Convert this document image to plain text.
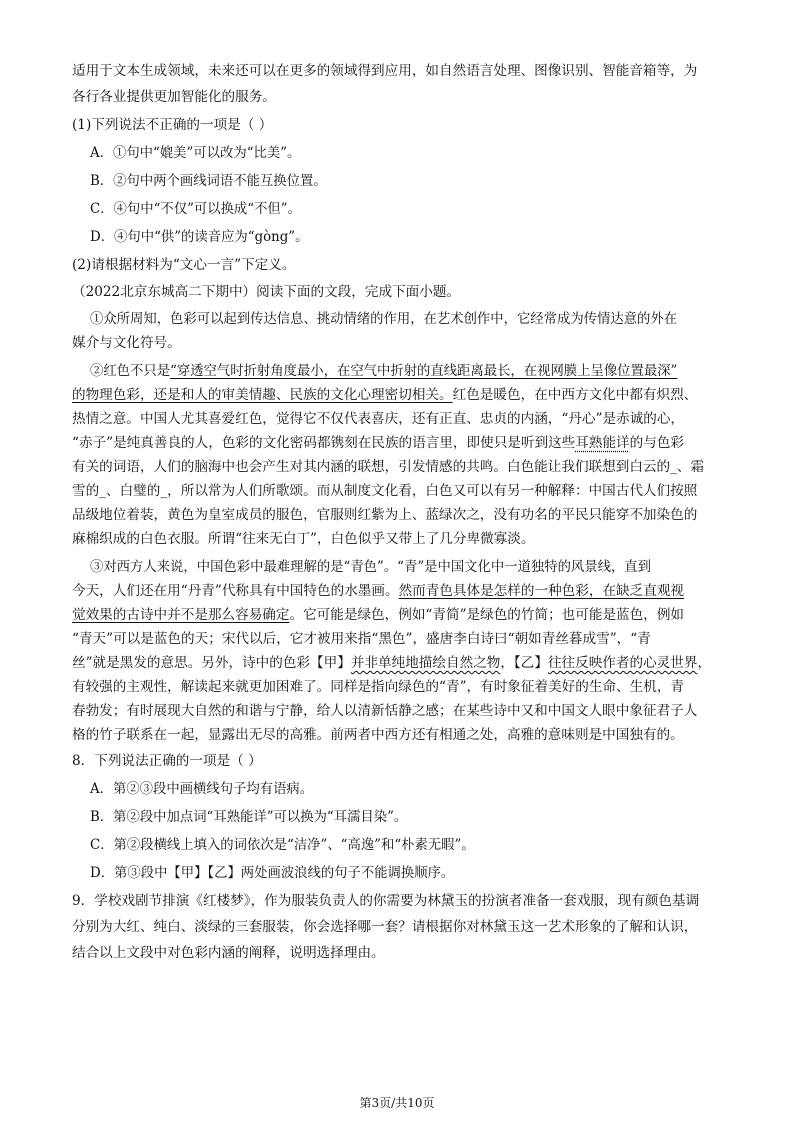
适用于文本生成领域，未来还可以在更多的领域得到应用，如自然语言处理、图像识别、智能音箱等，为
各行各业提供更加智能化的服务。
(1)下列说法不正确的一项是（ ）
A．①句中“媲美”可以改为“比美”。
B．②句中两个画线词语不能互换位置。
C．④句中“不仅”可以换成“不但”。
D．④句中“供”的读音应为“gòng”。
(2)请根据材料为“文心一言”下定义。
（2022北京东城高二下期中）阅读下面的文段，完成下面小题。
①众所周知，色彩可以起到传达信息、挑动情绪的作用，在艺术创作中，它经常成为传情达意的外在
媒介与文化符号。
②红色不只是“穿透空气时折射角度最小，在空气中折射的直线距离最长，在视网膜上呈像位置最深”
的物理色彩，还是和人的审美情趣、民族的文化心理密切相关。红色是暖色，在中西方文化中都有炽烈、
热情之意。中国人尤其喜爱红色，觉得它不仅代表喜庆，还有正直、忠贞的内涵，“丹心”是赤诚的心，
“赤子”是纯真善良的人，色彩的文化密码都镌刻在民族的语言里，即使只是听到这些耳熟能详的与色彩
有关的词语，人们的脑海中也会产生对其内涵的联想，引发情感的共鸣。白色能让我们联想到白云的_、霜
雪的_、白璧的_，所以常为人们所歌颂。而从制度文化看，白色又可以有另一种解释：中国古代人们按照
品级地位着装，黄色为皇室成员的服色，官服则红紫为上、蓝绿次之，没有功名的平民只能穿不加染色的
麻棉织成的白色衣服。所谓“往来无白丁”，白色似乎又带上了几分卑微寡淡。
③对西方人来说，中国色彩中最难理解的是“青色”。“青”是中国文化中一道独特的风景线，直到
今天，人们还在用“丹青”代称具有中国特色的水墨画。然而青色具体是怎样的一种色彩，在缺乏直观视
觉效果的古诗中并不是那么容易确定。它可能是绿色，例如“青简”是绿色的竹简；也可能是蓝色，例如
“青天”可以是蓝色的天；宋代以后，它才被用来指“黑色”，盛唐李白诗曰“朝如青丝暮成雪”，“青
丝”就是黑发的意思。另外，诗中的色彩【甲】并非单纯地描绘自然之物，【乙】往往反映作者的心灵世界，
有较强的主观性，解读起来就更加困难了。同样是指向绿色的“青”，有时象征着美好的生命、生机，青
春勃发；有时展现大自然的和谐与宁静，给人以清新恬静之感；在某些诗中又和中国文人眼中象征君子人
格的竹子联系在一起，显露出无尽的高雅。前两者中西方还有相通之处，高雅的意味则是中国独有的。
8．下列说法正确的一项是（ ）
A．第②③段中画横线句子均有语病。
B．第②段中加点词“耳熟能详”可以换为“耳濡目染”。
C．第②段横线上填入的词依次是“洁净”、“高逸”和“朴素无暇”。
D．第③段中【甲】【乙】两处画波浪线的句子不能调换顺序。
9．学校戏剧节排演《红楼梦》，作为服装负责人的你需要为林黛玉的扮演者准备一套戏服，现有颜色基调
分别为大红、纯白、淡绿的三套服装，你会选择哪一套？请根据你对林黛玉这一艺术形象的了解和认识，
结合以上文段中对色彩内涵的阐释，说明选择理由。
第3页/共10页
